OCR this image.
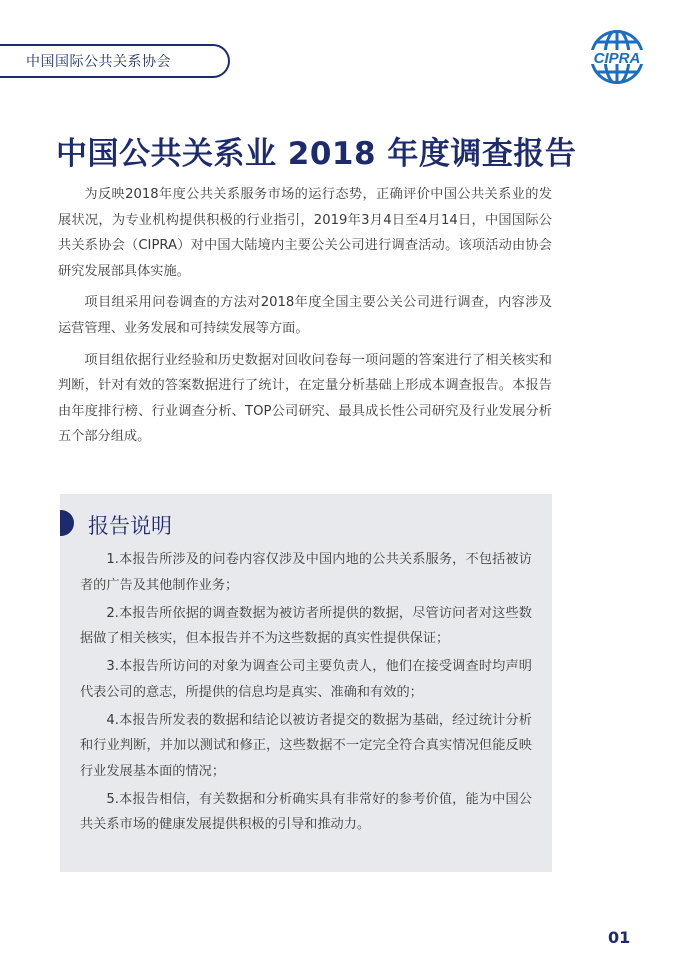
中国国际公共关系协会	CIPRA
中国公共关系业 2018 年度调查报告

为反映2018年度公共关系服务市场的运行态势，正确评价中国公共关系业的发展状况，为专业机构提供积极的行业指引，2019年3月4日至4月14日，中国国际公共关系协会（CIPRA）对中国大陆境内主要公关公司进行调查活动。该项活动由协会研究发展部具体实施。

项目组采用问卷调查的方法对2018年度全国主要公关公司进行调查，内容涉及运营管理、业务发展和可持续发展等方面。

项目组依据行业经验和历史数据对回收问卷每一项问题的答案进行了相关核实和判断，针对有效的答案数据进行了统计，在定量分析基础上形成本调查报告。本报告由年度排行榜、行业调查分析、TOP公司研究、最具成长性公司研究及行业发展分析五个部分组成。

报告说明

1.本报告所涉及的问卷内容仅涉及中国内地的公共关系服务，不包括被访者的广告及其他制作业务；

2.本报告所依据的调查数据为被访者所提供的数据，尽管访问者对这些数据做了相关核实，但本报告并不为这些数据的真实性提供保证；

3.本报告所访问的对象为调查公司主要负责人，他们在接受调查时均声明代表公司的意志，所提供的信息均是真实、准确和有效的；

4.本报告所发表的数据和结论以被访者提交的数据为基础，经过统计分析和行业判断，并加以测试和修正，这些数据不一定完全符合真实情况但能反映行业发展基本面的情况；

5.本报告相信，有关数据和分析确实具有非常好的参考价值，能为中国公共关系市场的健康发展提供积极的引导和推动力。

01
